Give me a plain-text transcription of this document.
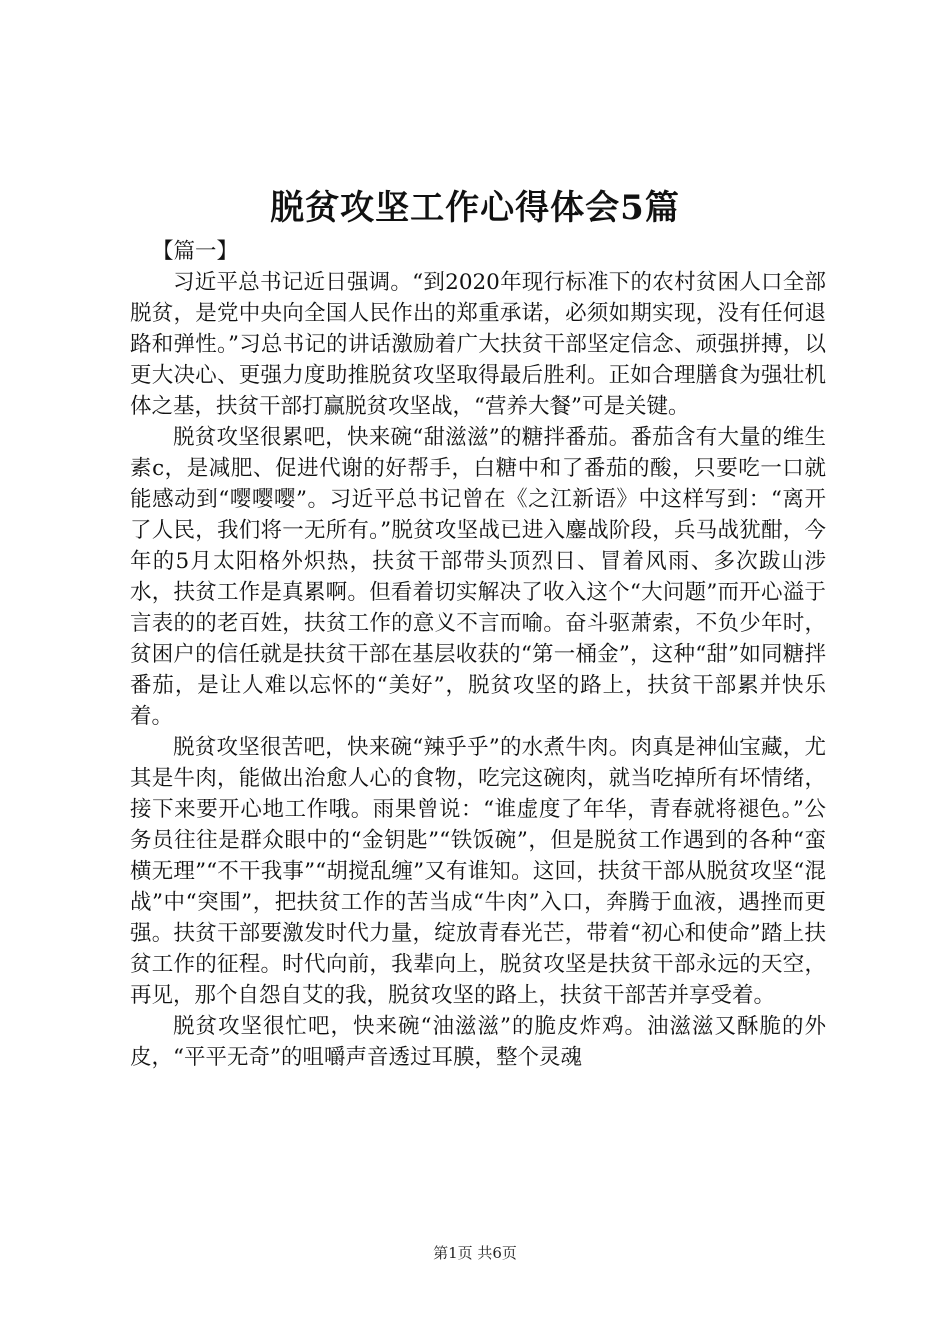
脱贫攻坚工作心得体会5篇

【篇一】

习近平总书记近日强调。“到2020年现行标准下的农村贫困人口全部脱贫，是党中央向全国人民作出的郑重承诺，必须如期实现，没有任何退路和弹性。”习总书记的讲话激励着广大扶贫干部坚定信念、顽强拼搏，以更大决心、更强力度助推脱贫攻坚取得最后胜利。正如合理膳食为强壮机体之基，扶贫干部打赢脱贫攻坚战，“营养大餐”可是关键。

脱贫攻坚很累吧，快来碗“甜滋滋”的糖拌番茄。番茄含有大量的维生素c，是减肥、促进代谢的好帮手，白糖中和了番茄的酸，只要吃一口就能感动到“嘤嘤嘤”。习近平总书记曾在《之江新语》中这样写到：“离开了人民，我们将一无所有。”脱贫攻坚战已进入鏖战阶段，兵马战犹酣，今年的5月太阳格外炽热，扶贫干部带头顶烈日、冒着风雨、多次跋山涉水，扶贫工作是真累啊。但看着切实解决了收入这个“大问题”而开心溢于言表的的老百姓，扶贫工作的意义不言而喻。奋斗驱萧索，不负少年时，贫困户的信任就是扶贫干部在基层收获的“第一桶金”，这种“甜”如同糖拌番茄，是让人难以忘怀的“美好”，脱贫攻坚的路上，扶贫干部累并快乐着。

脱贫攻坚很苦吧，快来碗“辣乎乎”的水煮牛肉。肉真是神仙宝藏，尤其是牛肉，能做出治愈人心的食物，吃完这碗肉，就当吃掉所有坏情绪，接下来要开心地工作哦。雨果曾说：“谁虚度了年华，青春就将褪色。”公务员往往是群众眼中的“金钥匙”“铁饭碗”，但是脱贫工作遇到的各种“蛮横无理”“不干我事”“胡搅乱缠”又有谁知。这回，扶贫干部从脱贫攻坚“混战”中“突围”，把扶贫工作的苦当成“牛肉”入口，奔腾于血液，遇挫而更强。扶贫干部要激发时代力量，绽放青春光芒，带着“初心和使命”踏上扶贫工作的征程。时代向前，我辈向上，脱贫攻坚是扶贫干部永远的天空，再见，那个自怨自艾的我，脱贫攻坚的路上，扶贫干部苦并享受着。

脱贫攻坚很忙吧，快来碗“油滋滋”的脆皮炸鸡。油滋滋又酥脆的外皮，“平平无奇”的咀嚼声音透过耳膜，整个灵魂

第1页 共6页
